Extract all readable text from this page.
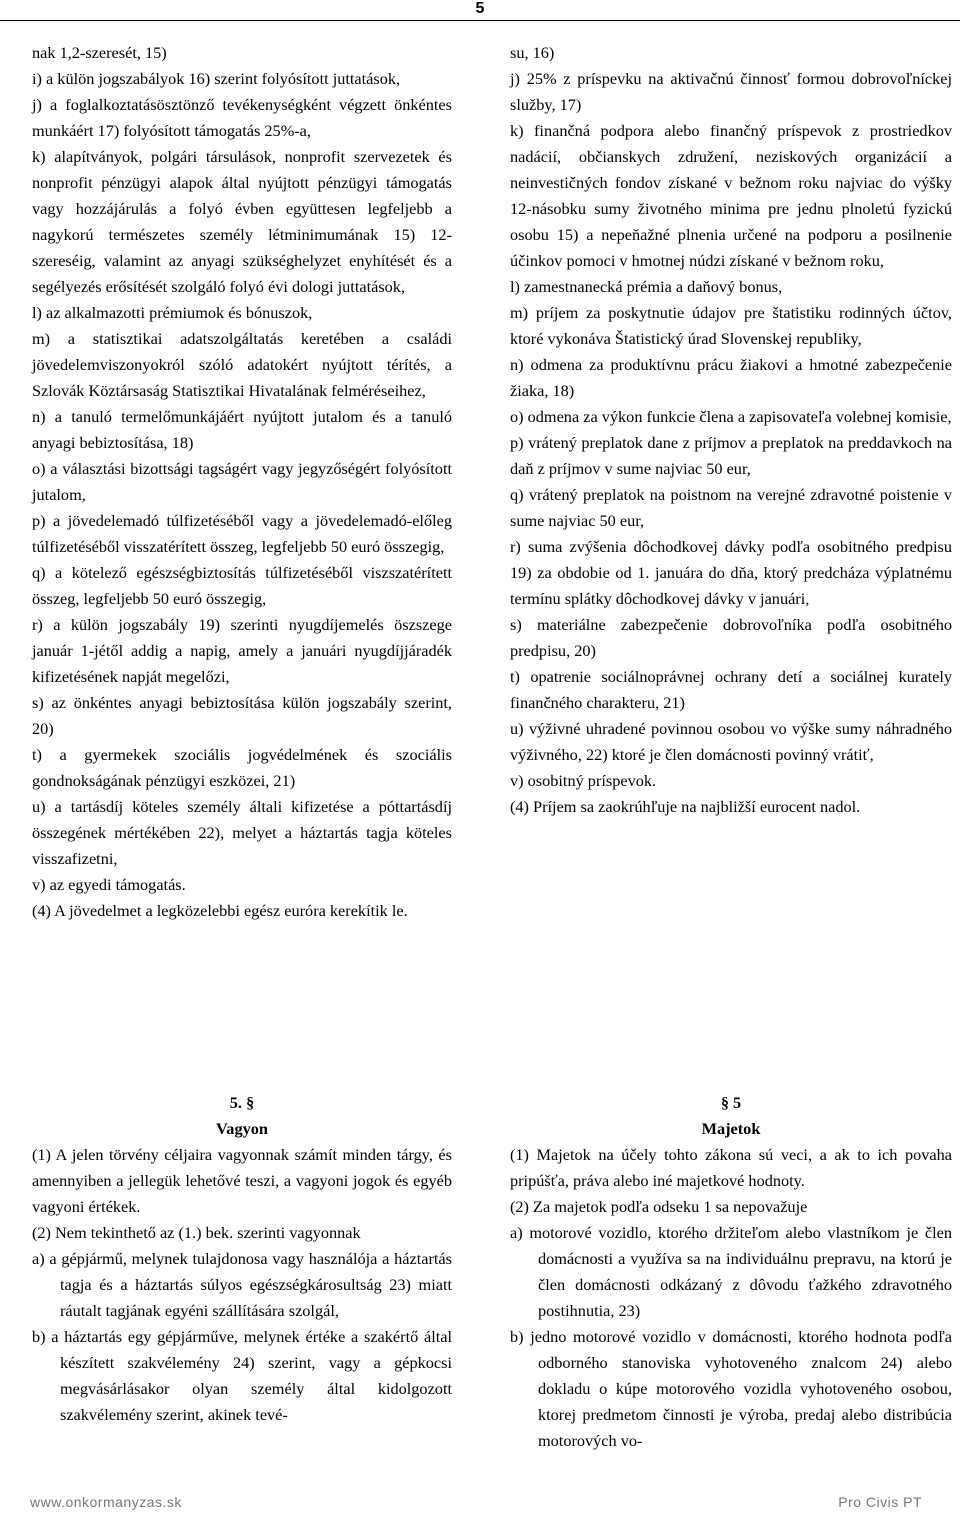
5

nak 1,2-szeresét, 15)

i) a külön jogszabályok 16) szerint folyósított juttatások,

j) a foglalkoztatásösztönző tevékenységként végzett önkéntes munkáért 17) folyósított támogatás 25%-a,

k) alapítványok, polgári társulások, nonprofit szervezetek és nonprofit pénzügyi alapok által nyújtott pénzügyi támogatás vagy hozzájárulás a folyó évben együttesen legfeljebb a nagykorú természetes személy létminimumának 15) 12-szereséig, valamint az anyagi szükséghelyzet enyhítését és a segélyezés erősítését szolgáló folyó évi dologi juttatások,

l) az alkalmazotti prémiumok és bónuszok,

m) a statisztikai adatszolgáltatás keretében a családi jövedelemviszonyokról szóló adatokért nyújtott térítés, a Szlovák Köztársaság Statisztikai Hivatalának felméréseihez,

n) a tanuló termelőmunkájáért nyújtott jutalom és a tanuló anyagi bebiztosítása, 18)

o) a választási bizottsági tagságért vagy jegyzőségért folyósított jutalom,

p) a jövedelemadó túlfizetéséből vagy a jövedelemadó-előleg túlfizetéséből visszatérített összeg, legfeljebb 50 euró összegig,

q) a kötelező egészségbiztosítás túlfizetéséből viszszatérített összeg, legfeljebb 50 euró összegig,

r) a külön jogszabály 19) szerinti nyugdíjemelés öszszege január 1-jétől addig a napig, amely a januári nyugdíjjáradék kifizetésének napját megelőzi,

s) az önkéntes anyagi bebiztosítása külön jogszabály szerint, 20)

t) a gyermekek szociális jogvédelmének és szociális gondnokságának pénzügyi eszközei, 21)

u) a tartásdíj köteles személy általi kifizetése a póttartásdíj összegének mértékében 22), melyet a háztartás tagja köteles visszafizetni,

v) az egyedi támogatás.

(4) A jövedelmet a legközelebbi egész euróra kerekítik le.

su, 16)

j) 25% z príspevku na aktivačnú činnosť formou dobrovoľníckej služby, 17)

k) finančná podpora alebo finančný príspevok z prostriedkov nadácií, občianskych združení, neziskových organizácií a neinvestičných fondov získané v bežnom roku najviac do výšky 12-násobku sumy životného minima pre jednu plnoletú fyzickú osobu 15) a nepeňažné plnenia určené na podporu a posilnenie účinkov pomoci v hmotnej núdzi získané v bežnom roku,

l) zamestnanecká prémia a daňový bonus,

m) príjem za poskytnutie údajov pre štatistiku rodinných účtov, ktoré vykonáva Štatistický úrad Slovenskej republiky,

n) odmena za produktívnu prácu žiakovi a hmotné zabezpečenie žiaka, 18)

o) odmena za výkon funkcie člena a zapisovateľa volebnej komisie,

p) vrátený preplatok dane z príjmov a preplatok na preddavkoch na daň z príjmov v sume najviac 50 eur,

q) vrátený preplatok na poistnom na verejné zdravotné poistenie v sume najviac 50 eur,

r) suma zvýšenia dôchodkovej dávky podľa osobitného predpisu 19) za obdobie od 1. januára do dňa, ktorý predcháza výplatnému termínu splátky dôchodkovej dávky v januári,

s) materiálne zabezpečenie dobrovoľníka podľa osobitného predpisu, 20)

t) opatrenie sociálnoprávnej ochrany detí a sociálnej kurately finančného charakteru, 21)

u) výživné uhradené povinnou osobou vo výške sumy náhradného výživného, 22) ktoré je člen domácnosti povinný vrátiť,

v) osobitný príspevok.

(4) Príjem sa zaokrúhľuje na najbližší eurocent nadol.

5. §

Vagyon

(1) A jelen törvény céljaira vagyonnak számít minden tárgy, és amennyiben a jellegük lehetővé teszi, a vagyoni jogok és egyéb vagyoni értékek.

(2) Nem tekinthető az (1.) bek. szerinti vagyonnak

a) a gépjármű, melynek tulajdonosa vagy használója a háztartás tagja és a háztartás súlyos egészségkárosultság 23) miatt ráutalt tagjának egyéni szállítására szolgál,

b) a háztartás egy gépjárműve, melynek értéke a szakértő által készített szakvélemény 24) szerint, vagy a gépkocsi megvásárlásakor olyan személy által kidolgozott szakvélemény szerint, akinek tevé-

§ 5

Majetok

(1) Majetok na účely tohto zákona sú veci, a ak to ich povaha pripúšťa, práva alebo iné majetkové hodnoty.

(2) Za majetok podľa odseku 1 sa nepovažuje

a) motorové vozidlo, ktorého držiteľom alebo vlastníkom je člen domácnosti a využíva sa na individuálnu prepravu, na ktorú je člen domácnosti odkázaný z dôvodu ťažkého zdravotného postihnutia, 23)

b) jedno motorové vozidlo v domácnosti, ktorého hodnota podľa odborného stanoviska vyhotoveného znalcom 24) alebo dokladu o kúpe motorového vozidla vyhotoveného osobou, ktorej predmetom činnosti je výroba, predaj alebo distribúcia motorových vo-

www.onkormanyzas.sk	Pro Civis PT
